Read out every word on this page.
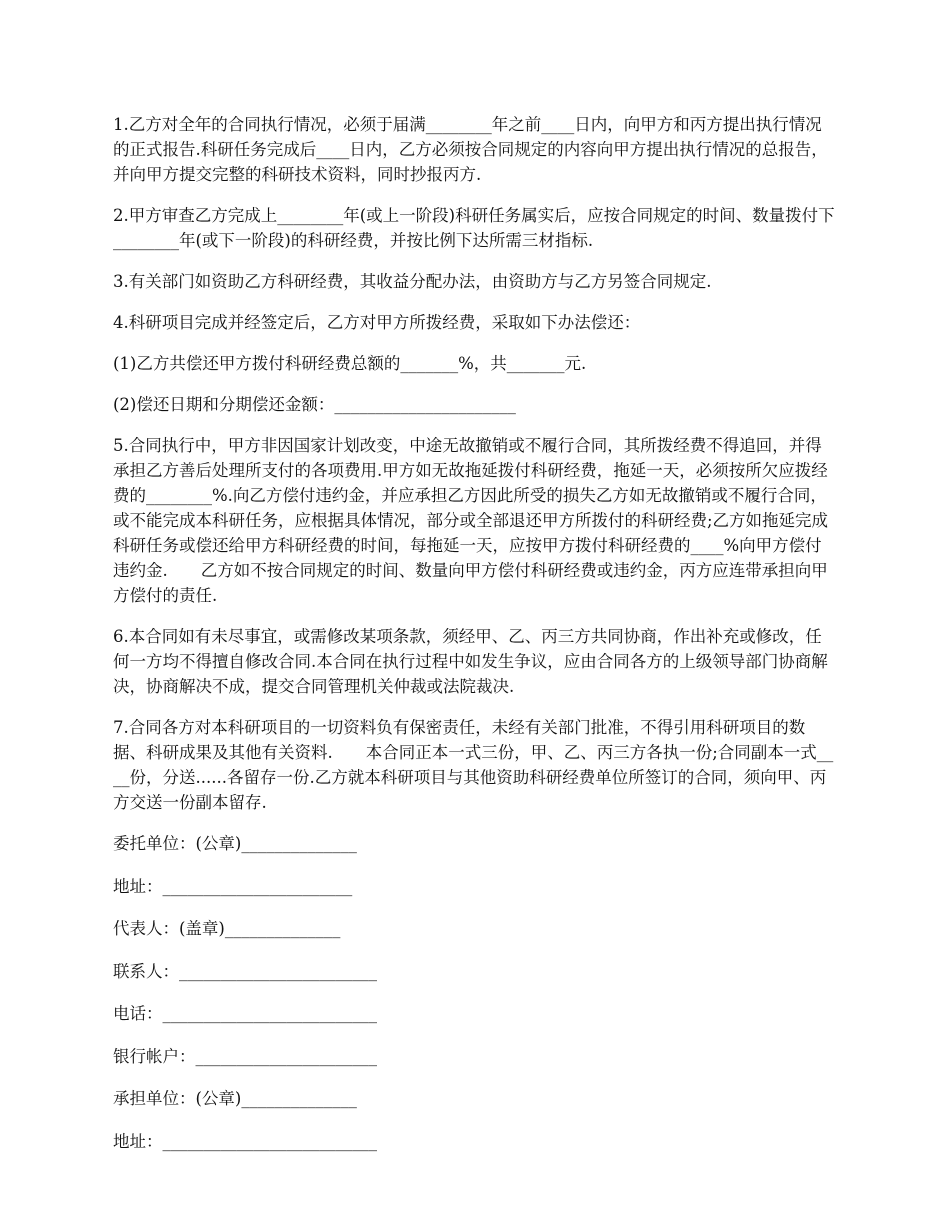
1.乙方对全年的合同执行情况，必须于届满________年之前____日内，向甲方和丙方提出执行情况的正式报告.科研任务完成后____日内，乙方必须按合同规定的内容向甲方提出执行情况的总报告，并向甲方提交完整的科研技术资料，同时抄报丙方.

2.甲方审查乙方完成上________年(或上一阶段)科研任务属实后，应按合同规定的时间、数量拨付下________年(或下一阶段)的科研经费，并按比例下达所需三材指标.

3.有关部门如资助乙方科研经费，其收益分配办法，由资助方与乙方另签合同规定.

4.科研项目完成并经签定后，乙方对甲方所拨经费，采取如下办法偿还：

(1)乙方共偿还甲方拨付科研经费总额的_______%，共_______元.

(2)偿还日期和分期偿还金额：______________________

5.合同执行中，甲方非因国家计划改变，中途无故撤销或不履行合同，其所拨经费不得追回，并得承担乙方善后处理所支付的各项费用.甲方如无故拖延拨付科研经费，拖延一天，必须按所欠应拨经费的________%.向乙方偿付违约金，并应承担乙方因此所受的损失乙方如无故撤销或不履行合同，或不能完成本科研任务，应根据具体情况，部分或全部退还甲方所拨付的科研经费;乙方如拖延完成科研任务或偿还给甲方科研经费的时间，每拖延一天，应按甲方拨付科研经费的____%向甲方偿付违约金.　　乙方如不按合同规定的时间、数量向甲方偿付科研经费或违约金，丙方应连带承担向甲方偿付的责任.

6.本合同如有未尽事宜，或需修改某项条款，须经甲、乙、丙三方共同协商，作出补充或修改，任何一方均不得擅自修改合同.本合同在执行过程中如发生争议，应由合同各方的上级领导部门协商解决，协商解决不成，提交合同管理机关仲裁或法院裁决.

7.合同各方对本科研项目的一切资料负有保密责任，未经有关部门批准，不得引用科研项目的数据、科研成果及其他有关资料.　　本合同正本一式三份，甲、乙、丙三方各执一份;合同副本一式____份，分送......各留存一份.乙方就本科研项目与其他资助科研经费单位所签订的合同，须向甲、丙方交送一份副本留存.

委托单位：(公章)______________

地址：_______________________

代表人：(盖章)______________

联系人：________________________

电话：__________________________

银行帐户：______________________

承担单位：(公章)______________

地址：__________________________
